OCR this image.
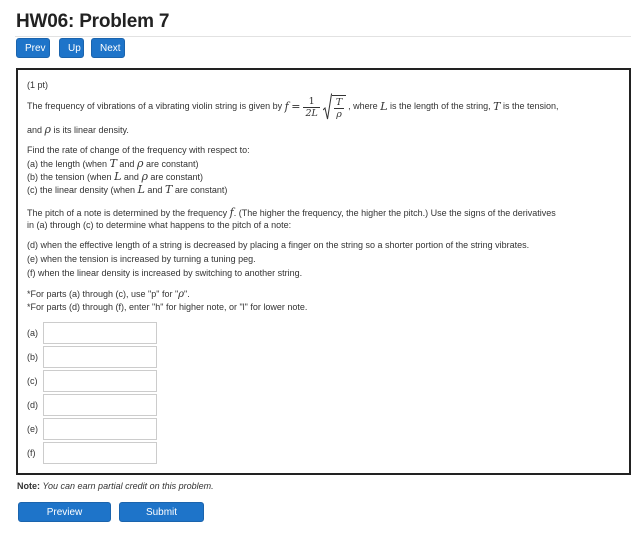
HW06: Problem 7
Prev	Up	Next

(1 pt)

The frequency of vibrations of a vibrating violin string is given by
f
= $\frac{1}{2L} \frac{T}{\rho}$ , where
L
is the length of the string,
T
is the tension,

and ρ is its linear density.

Find the rate of change of the frequency with respect to:

(a) the length (when T and ρ are constant)

(b) the tension (when L and ρ are constant)

(c) the linear density (when L and T are constant)

The pitch of a note is determined by the frequency f. (The higher the frequency, the higher the pitch.) Use the signs of the derivatives

in (a) through (c) to determine what happens to the pitch of a note:

(d) when the effective length of a string is decreased by placing a finger on the string so a shorter portion of the string vibrates.

(e) when the tension is increased by turning a tuning peg.

(f) when the linear density is increased by switching to another string.

*For parts (a) through (c), use "p" for "ρ".

*For parts (d) through (f), enter "h" for higher note, or "l" for lower note.

(a)
(b)
(c)
(d)
(e)
(f)

Note: You can earn partial credit on this problem.

Preview Answers
Submit Answers
